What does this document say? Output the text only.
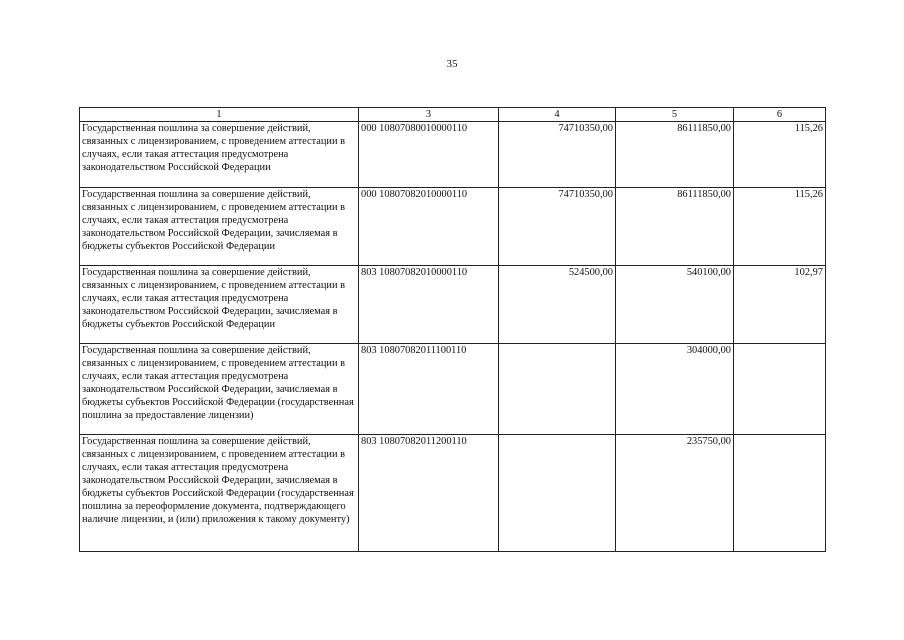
35
1	3	4	5	6
Государственная пошлина за совершение действий, связанных с лицензированием, с проведением аттестации в случаях, если такая аттестация предусмотрена законодательством Российской Федерации	000 10807080010000110	74710350,00	86111850,00	115,26
Государственная пошлина за совершение действий, связанных с лицензированием, с проведением аттестации в случаях, если такая аттестация предусмотрена законодательством Российской Федерации, зачисляемая в бюджеты субъектов Российской Федерации	000 10807082010000110	74710350,00	86111850,00	115,26
Государственная пошлина за совершение действий, связанных с лицензированием, с проведением аттестации в случаях, если такая аттестация предусмотрена законодательством Российской Федерации, зачисляемая в бюджеты субъектов Российской Федерации	803 10807082010000110	524500,00	540100,00	102,97
Государственная пошлина за совершение действий, связанных с лицензированием, с проведением аттестации в случаях, если такая аттестация предусмотрена законодательством Российской Федерации, зачисляемая в бюджеты субъектов Российской Федерации (государственная пошлина за предоставление лицензии)	803 10807082011100110		304000,00	
Государственная пошлина за совершение действий, связанных с лицензированием, с проведением аттестации в случаях, если такая аттестация предусмотрена законодательством Российской Федерации, зачисляемая в бюджеты субъектов Российской Федерации (государственная пошлина за переоформление документа, подтверждающего наличие лицензии, и (или) приложения к такому документу)	803 10807082011200110		235750,00	
